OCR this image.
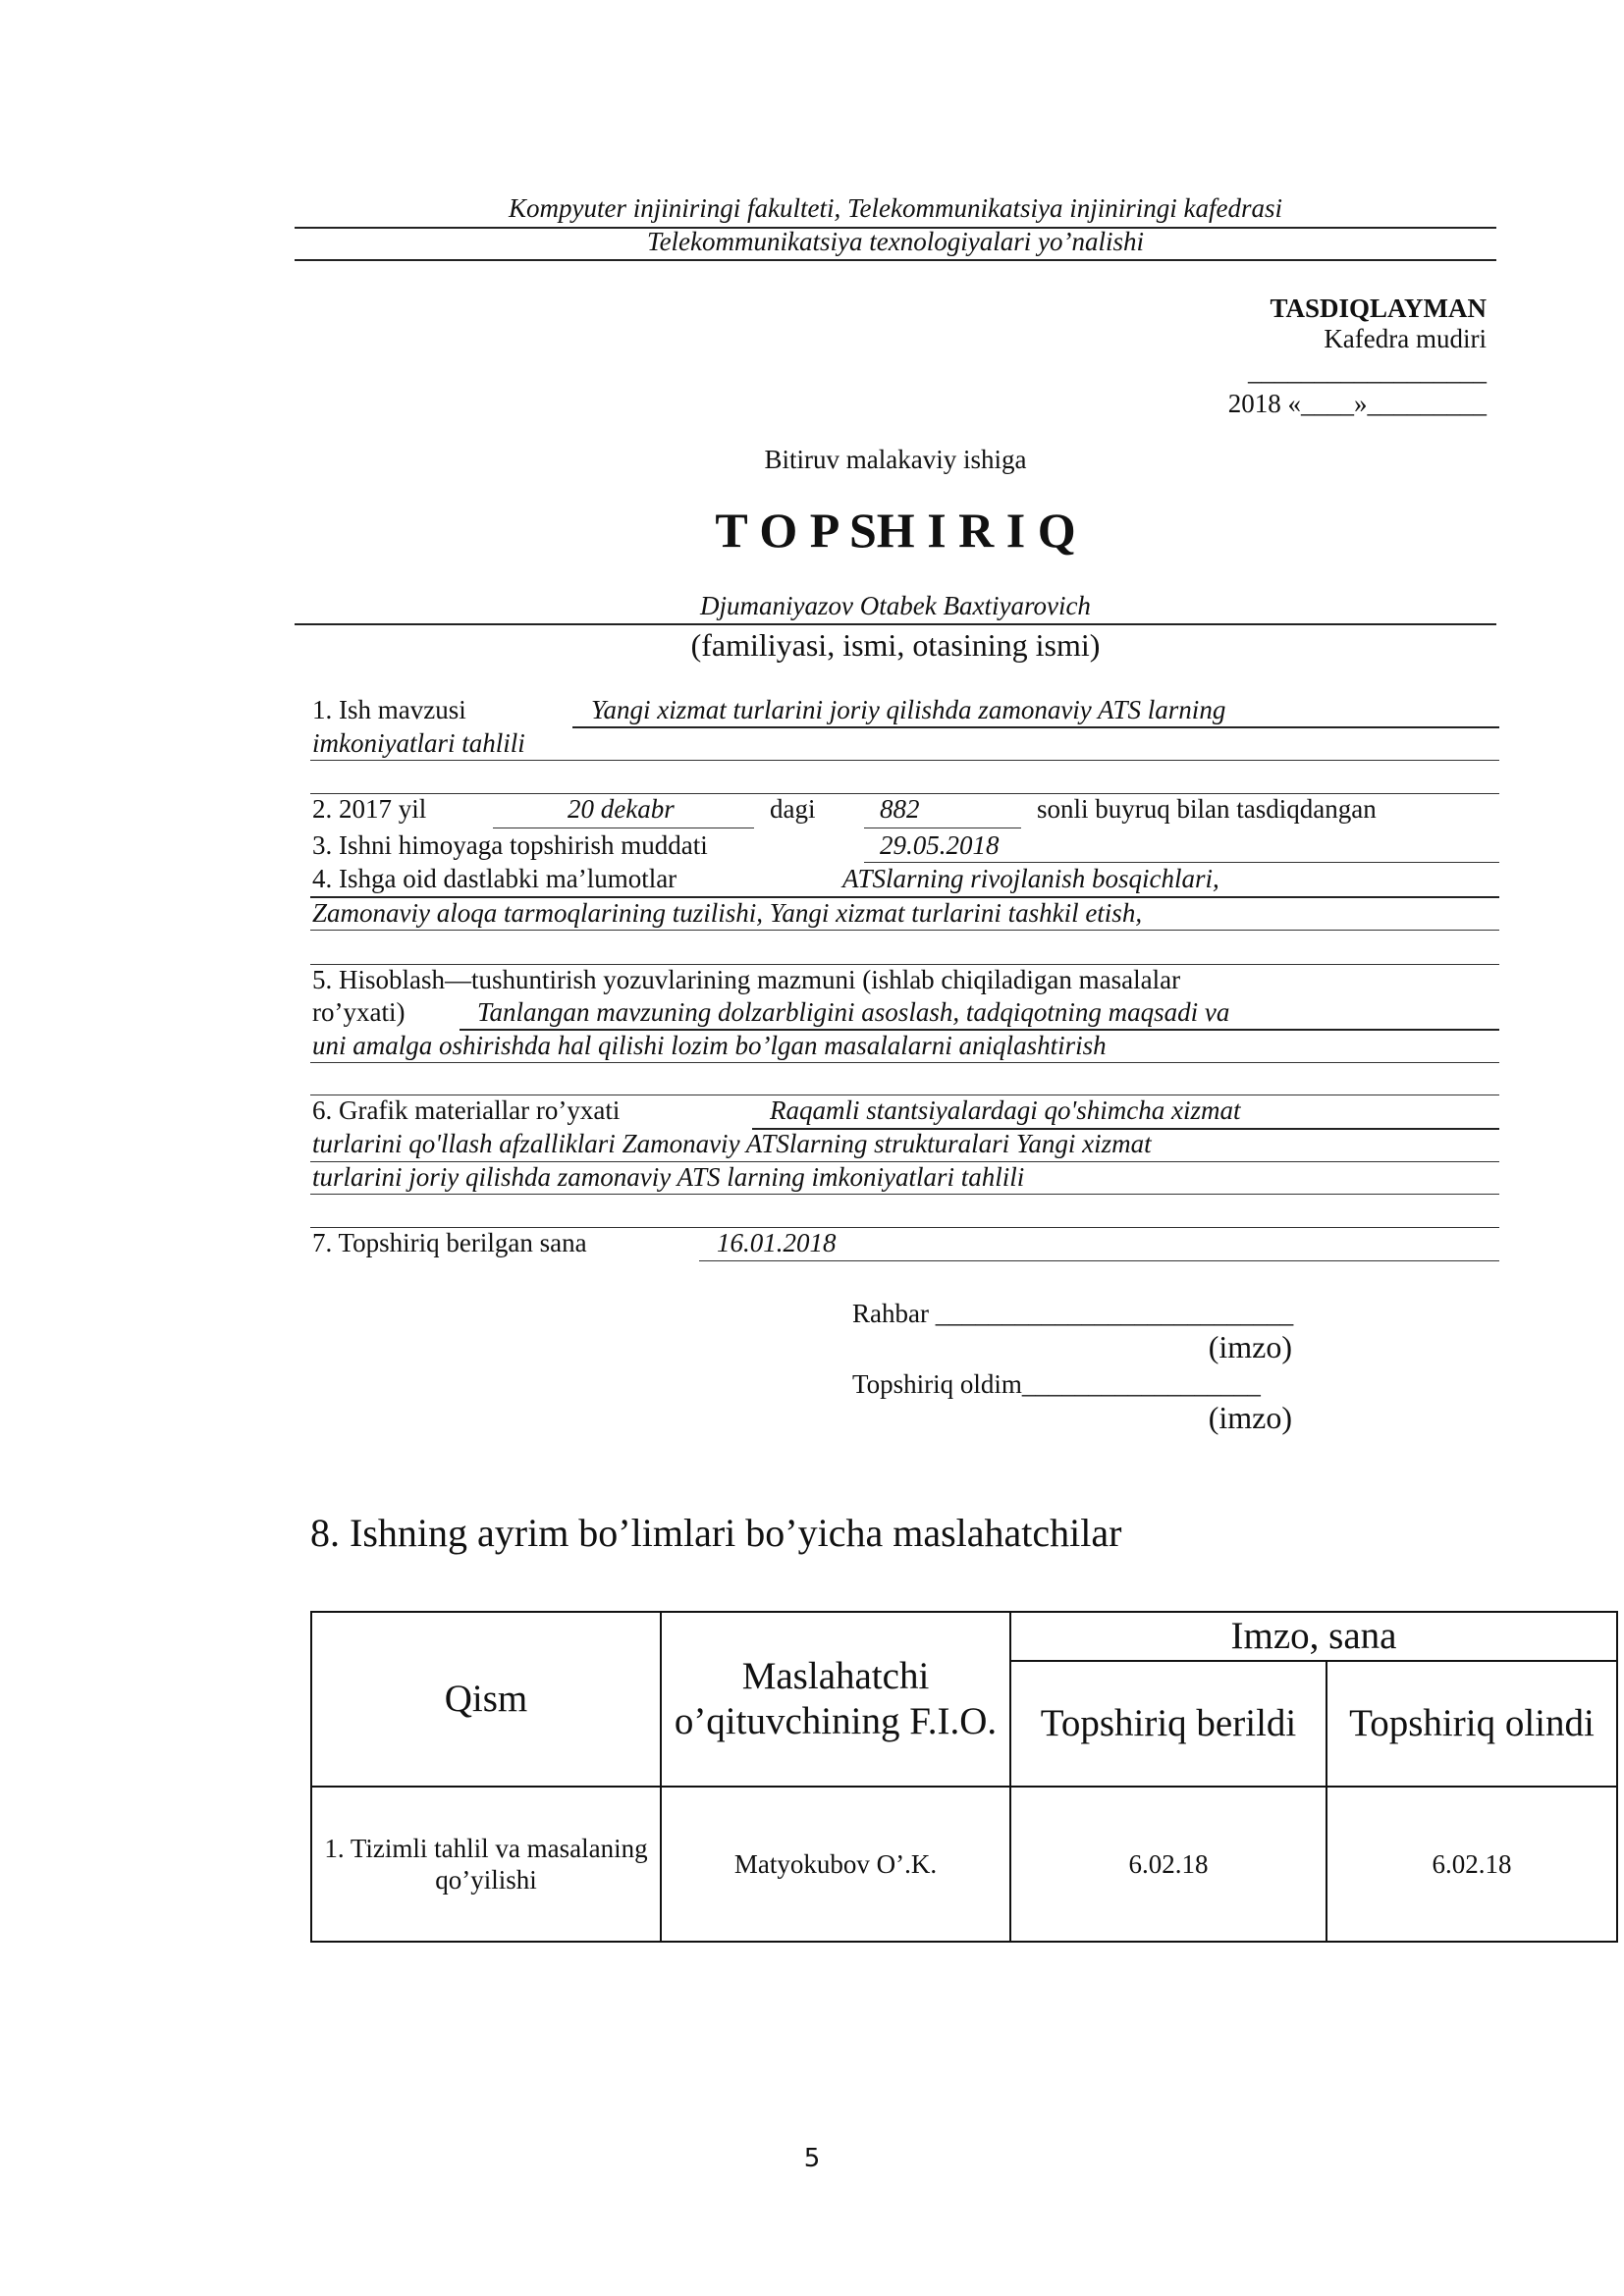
Kompyuter injiniringi fakulteti, Telekommunikatsiya injiniringi kafedrasi
Telekommunikatsiya texnologiyalari yo’nalishi
TASDIQLAYMAN
Kafedra mudiri
__________________
2018 «____»_________
Bitiruv malakaviy ishiga
T O P SH I R I Q
Djumaniyazov Otabek Baxtiyarovich
(familiyasi, ismi, otasining ismi)
1. Ish mavzusi	Yangi xizmat turlarini joriy qilishda zamonaviy ATS larning
imkoniyatlari tahlili
2. 2017 yil	20 dekabr	dagi 882	sonli buyruq bilan tasdiqdangan
3. Ishni himoyaga topshirish muddati	29.05.2018
4. Ishga oid dastlabki ma’lumotlar	ATSlarning rivojlanish bosqichlari,
Zamonaviy aloqa tarmoqlarining tuzilishi, Yangi xizmat turlarini tashkil etish,
5. Hisoblash—tushuntirish yozuvlarining mazmuni (ishlab chiqiladigan masalalar
ro’yxati)	Tanlangan mavzuning dolzarbligini asoslash, tadqiqotning maqsadi va
uni amalga oshirishda hal qilishi lozim bo’lgan masalalarni aniqlashtirish
6. Grafik materiallar ro’yxati	Raqamli stantsiyalardagi qo'shimcha xizmat
turlarini qo'llash afzalliklari Zamonaviy ATSlarning strukturalari Yangi xizmat
turlarini joriy qilishda zamonaviy ATS larning imkoniyatlari tahlili
7. Topshiriq berilgan sana	16.01.2018
Rahbar ___________________________
(imzo)
Topshiriq oldim__________________
(imzo)
8. Ishning ayrim bo’limlari bo’yicha maslahatchilar
Qism	Maslahatchi o’qituvchining F.I.O.	Imzo, sana	
		Topshiriq berildi	Topshiriq olindi
1. Tizimli tahlil va masalaning qo’yilishi	Matyokubov O’.K.	6.02.18	6.02.18
5
